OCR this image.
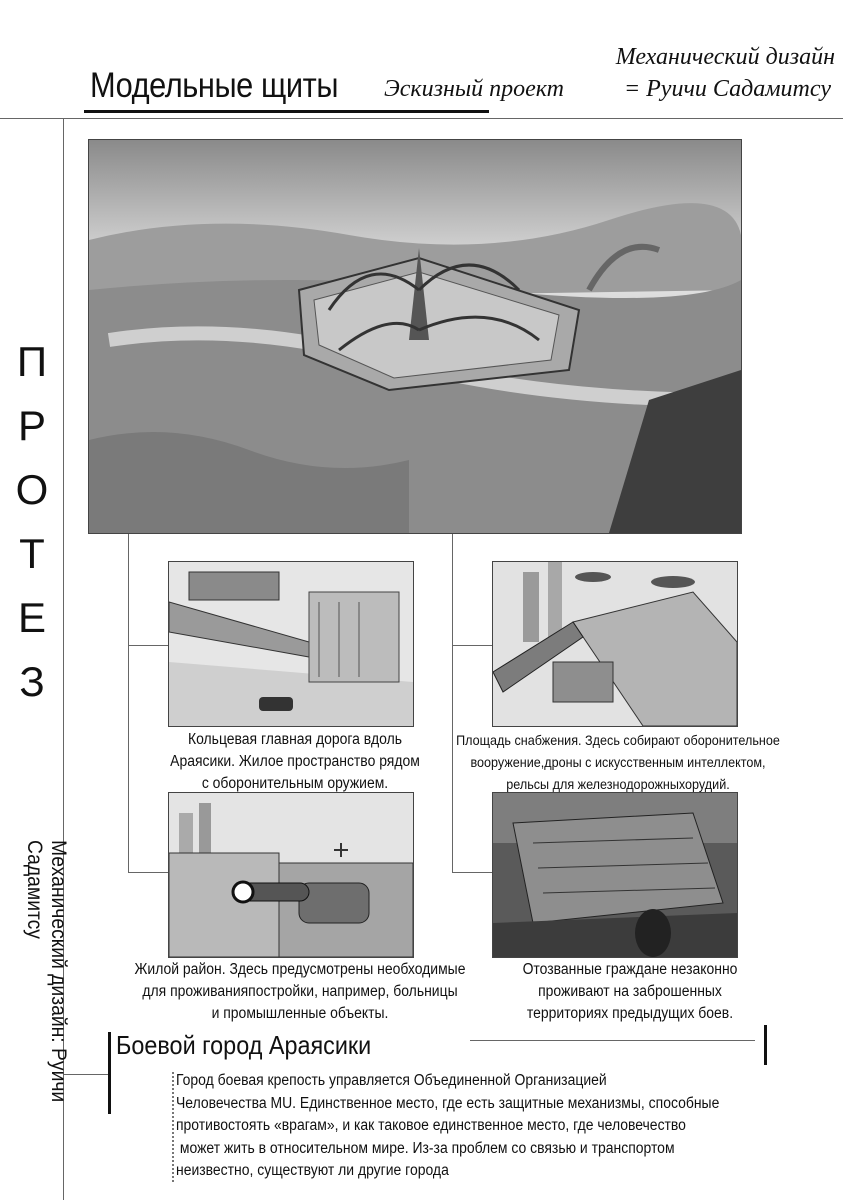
Модельные щиты Эскизный проект
Механический дизайн
= Руичи Садамитсу
П
Р
О
Т
Е
З
Механический дизайн: Руичи Садамитсу
Кольцевая главная дорога вдоль
Араясики. Жилое пространство рядом
с оборонительным оружием.
Площадь снабжения. Здесь собирают оборонительное
вооружение,дроны с искусственным интеллектом,
рельсы для железнодорожныхорудий.
Жилой район. Здесь предусмотрены необходимые
для проживанияпостройки, например, больницы
и промышленные объекты.
Отозванные граждане незаконно
проживают на заброшенных
территориях предыдущих боев.
Боевой город Араясики
Город боевая крепость управляется Объединенной Организацией
Человечества MU. Единственное место, где есть защитные механизмы, способные
противостоять «врагам», и как таковое единственное место, где человечество
может жить в относительном мире. Из-за проблем со связью и транспортом
неизвестно, существуют ли другие города
